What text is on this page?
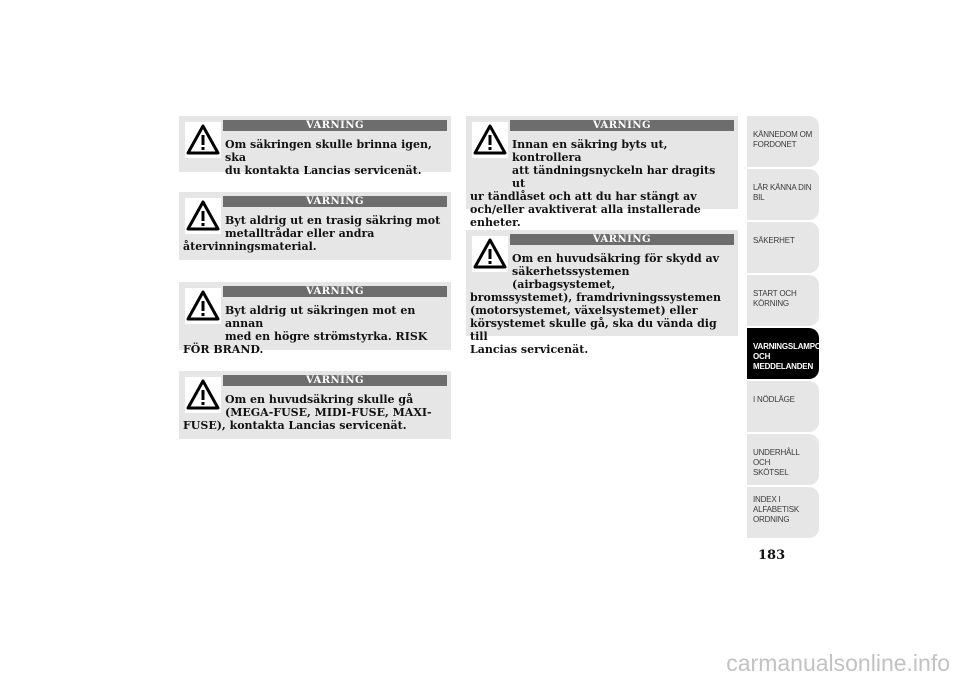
VARNING

Om säkringen skulle brinna igen, ska

du kontakta Lancias servicenät.

VARNING

Byt aldrig ut en trasig säkring mot

metalltrådar eller andra

återvinningsmaterial.

VARNING

Byt aldrig ut säkringen mot en annan

med en högre strömstyrka. RISK

FÖR BRAND.

VARNING

Om en huvudsäkring skulle gå

(MEGA-FUSE, MIDI-FUSE, MAXI-

FUSE), kontakta Lancias servicenät.

VARNING

Innan en säkring byts ut, kontrollera

att tändningsnyckeln har dragits ut

ur tändlåset och att du har stängt av

och/eller avaktiverat alla installerade

enheter.

VARNING

Om en huvudsäkring för skydd av

säkerhetssystemen (airbagsystemet,

bromssystemet), framdrivningssystemen

(motorsystemet, växelsystemet) eller

körsystemet skulle gå, ska du vända dig till

Lancias servicenät.

KÄNNEDOM OM
FORDONET
LÄR KÄNNA DIN
BIL
SÄKERHET
START OCH
KÖRNING
VARNINGSLAMPOR
OCH
MEDDELANDEN
I NÖDLÄGE
UNDERHÅLL OCH
SKÖTSEL
INDEX I
ALFABETISK
ORDNING
183
carmanualsonline.info
